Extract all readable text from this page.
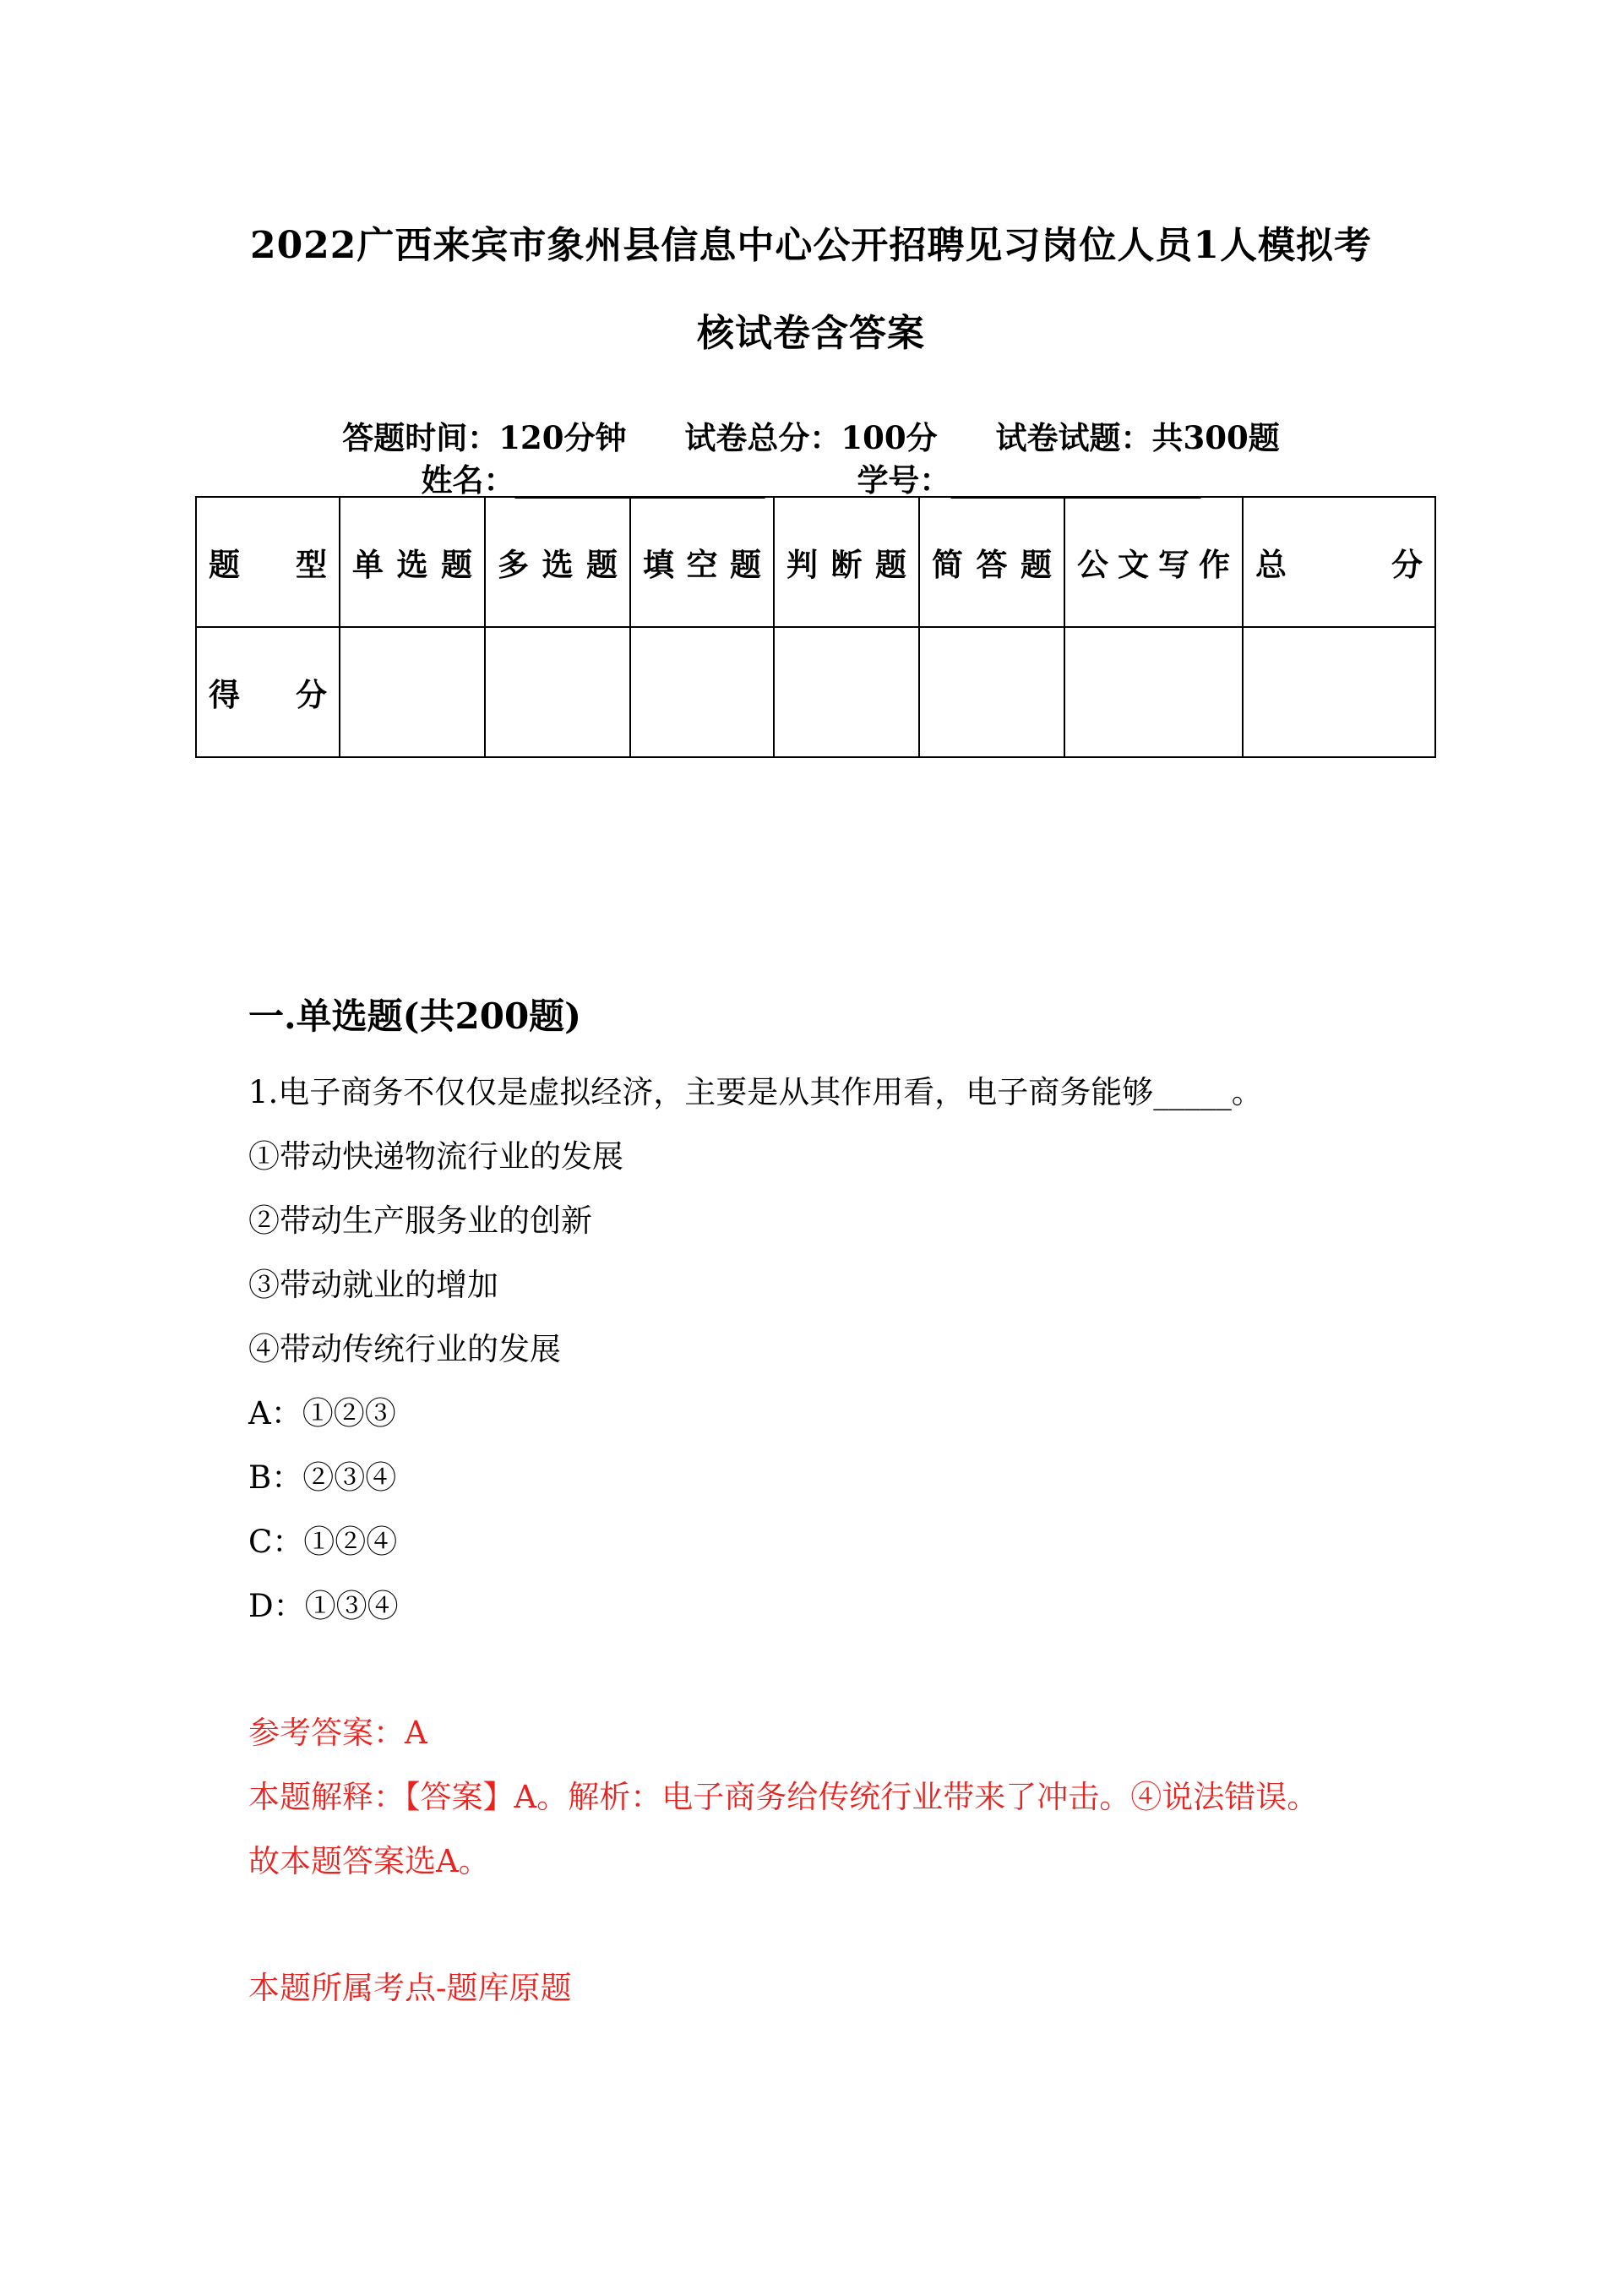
2022广西来宾市象州县信息中心公开招聘见习岗位人员1人模拟考
核试卷含答案
答题时间：120分钟 试卷总分：100分 试卷试题：共300题
姓名：________________	学号：________________
题 型	单选题	多选题	填空题	判断题	简答题	公文写作	总 分

得 分							

一.单选题(共200题)
1.电子商务不仅仅是虚拟经济，主要是从其作用看，电子商务能够_____。
①带动快递物流行业的发展
②带动生产服务业的创新
③带动就业的增加
④带动传统行业的发展
A：①②③
B：②③④
C：①②④
D：①③④
参考答案：A
本题解释：【答案】A。解析：电子商务给传统行业带来了冲击。④说法错误。
故本题答案选A。
本题所属考点-题库原题
